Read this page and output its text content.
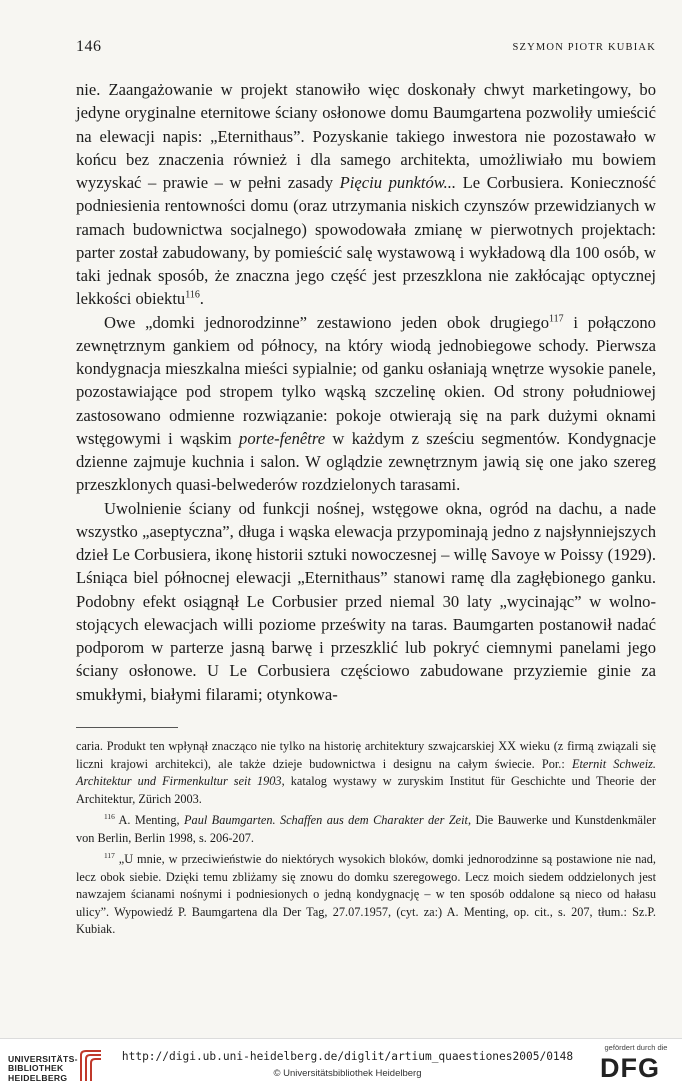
146	SZYMON PIOTR KUBIAK

nie. Zaangażowanie w projekt stanowiło więc doskonały chwyt marketingowy, bo jedyne oryginalne eternitowe ściany osłonowe domu Baumgartena pozwoliły umieścić na elewacji napis: „Eternithaus”. Pozyskanie takiego inwestora nie pozostawało w końcu bez znaczenia również i dla samego architekta, umożliwiało mu bowiem wyzyskać – prawie – w pełni zasady Pięciu punktów... Le Corbusiera. Konieczność podniesienia rentowności domu (oraz utrzymania niskich czynszów przewidzianych w ramach budownictwa socjalnego) spowodowała zmianę w pierwotnych projektach: parter został zabudowany, by pomieścić salę wystawową i wykładową dla 100 osób, w taki jednak sposób, że znaczna jego część jest przeszklona nie zakłócając optycznej lekkości obiektu$^{116}$.

Owe „domki jednorodzinne” zestawiono jeden obok drugiego$^{117}$ i połączono zewnętrznym gankiem od północy, na który wiodą jednobiegowe schody. Pierwsza kondygnacja mieszkalna mieści sypialnie; od ganku osłaniają wnętrze wysokie panele, pozostawiające pod stropem tylko wąską szczelinę okien. Od strony południowej zastosowano odmienne rozwiązanie: pokoje otwierają się na park dużymi oknami wstęgowymi i wąskim porte-fenêtre w każdym z sześciu segmentów. Kondygnacje dzienne zajmuje kuchnia i salon. W oglądzie zewnętrznym jawią się one jako szereg przeszklonych quasi-belwederów rozdzielonych tarasami.

Uwolnienie ściany od funkcji nośnej, wstęgowe okna, ogród na dachu, a nade wszystko „aseptyczna”, długa i wąska elewacja przypominają jedno z najsłynniejszych dzieł Le Corbusiera, ikonę historii sztuki nowoczesnej – willę Savoye w Poissy (1929). Lśniąca biel północnej elewacji „Eternithaus” stanowi ramę dla zagłębionego ganku. Podobny efekt osiągnął Le Corbusier przed niemal 30 laty „wycinając” w wolnostojących elewacjach willi poziome prześwity na taras. Baumgarten postanowił nadać podporom w parterze jasną barwę i przeszklić lub pokryć ciemnymi panelami jego ściany osłonowe. U Le Corbusiera częściowo zabudowane przyziemie ginie za smukłymi, białymi filarami; otynkowa-

caria. Produkt ten wpłynął znacząco nie tylko na historię architektury szwajcarskiej XX wieku (z firmą związali się liczni krajowi architekci), ale także dzieje budownictwa i designu na całym świecie. Por.: Eternit Schweiz. Architektur und Firmenkultur seit 1903, katalog wystawy w zuryskim Institut für Geschichte und Theorie der Architektur, Zürich 2003.

$^{116}$ A. Menting, Paul Baumgarten. Schaffen aus dem Charakter der Zeit, Die Bauwerke und Kunstdenkmäler von Berlin, Berlin 1998, s. 206-207.

$^{117}$ „U mnie, w przeciwieństwie do niektórych wysokich bloków, domki jednorodzinne są postawione nie nad, lecz obok siebie. Dzięki temu zbliżamy się znowu do domku szeregowego. Lecz moich siedem oddzielonych jest nawzajem ścianami nośnymi i podniesionych o jedną kondygnację – w ten sposób oddalone są nieco od hałasu ulicy”. Wypowiedź P. Baumgartena dla Der Tag, 27.07.1957, (cyt. za:) A. Menting, op. cit., s. 207, tłum.: Sz.P. Kubiak.

UNIVERSITÄTS-
BIBLIOTHEK
HEIDELBERG
http://digi.ub.uni-heidelberg.de/diglit/artium_quaestiones2005/0148
© Universitätsbibliothek Heidelberg
gefördert durch die
DFG
